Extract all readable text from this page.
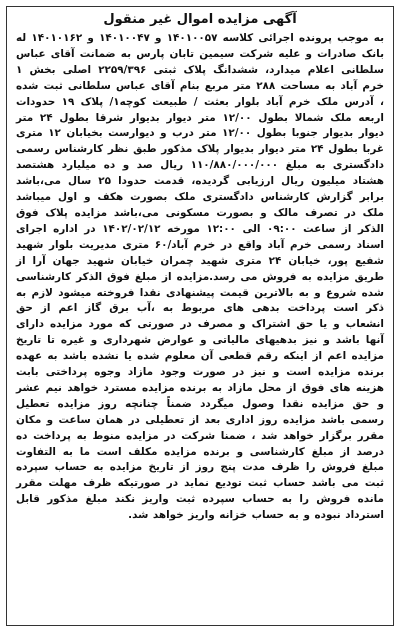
آگهی مزایده اموال غیر منقول

به موجب پرونده اجرائی کلاسه ۱۴۰۱۰۰۵۷ و ۱۴۰۱۰۰۴۷ و ۱۴۰۱۰۱۶۲ له بانک صادرات و علیه شرکت سیمین تابان پارس به ضمانت آقای عباس سلطانی اعلام میدارد، ششدانگ پلاک ثبتی ۲۲۵۹/۳۹۶ اصلی بخش ۱ خرم آباد به مساحت ۲۸۸ متر مربع بنام آقای عباس سلطانی ثبت شده ، آدرس ملک خرم آباد بلوار بعثت / طبیعت کوچه۱/ پلاک ۱۹ حدودات اربعه ملک شمالا بطول ۱۲/۰۰ متر دیوار بدیوار شرقا بطول ۲۴ متر دیوار بدیوار جنوبا بطول ۱۲/۰۰ متر درب و دیوارست بخیابان ۱۲ متری غربا بطول ۲۴ متر دیوار بدیوار پلاک مذکور طبق نظر کارشناس رسمی دادگستری به مبلغ ۱۱۰/۸۸۰/۰۰۰/۰۰۰ ریال صد و ده میلیارد هشتصد هشتاد میلیون ریال ارزیابی گردیده، قدمت حدودا ۲۵ سال می،باشد برابر گزارش کارشناس دادگستری ملک بصورت هکف و اول میباشد ملک در تصرف مالک و بصورت مسکونی می،باشد مزایده پلاک فوق الذکر از ساعت ۰۹:۰۰ الی ۱۲:۰۰ مورخه ۱۴۰۲/۰۲/۱۲ در اداره اجرای اسناد رسمی خرم آباد واقع در خرم آباد/۶۰ متری مدیریت بلوار شهید شفیع پور، خیابان ۲۴ متری شهید چمران خیابان شهید جهان آرا از طریق مزایده به فروش می رسد.مزایده از مبلغ فوق الذکر کارشناسی شده شروع و به بالاترین قیمت پیشنهادی نقدا فروخته میشود لازم به ذکر است پرداخت بدهی های مربوط به ،آب برق گاز اعم از حق انشعاب و یا حق اشتراک و مصرف در صورتی که مورد مزایده دارای آنها باشد و نیز بدهیهای مالیاتی و عوارض شهرداری و غیره تا تاریخ مزایده اعم از اینکه رقم قطعی آن معلوم شده یا نشده باشد به عهده برنده مزایده است و نیز در صورت وجود مازاد وجوه پرداختی بابت هزینه های فوق از محل مازاد به برنده مزایده مسترد خواهد نیم عشر و حق مزایده نقدا وصول میگردد ضمناً چنانچه روز مزایده تعطیل رسمی باشد مزایده روز اداری بعد از تعطیلی در همان ساعت و مکان مقرر برگزار خواهد شد ، ضمنا شرکت در مزایده منوط به پرداخت ده درصد از مبلغ کارشناسی و برنده مزایده مکلف است ما به التفاوت مبلغ فروش را ظرف مدت پنج روز از تاریخ مزایده به حساب سپرده ثبت می باشد حساب ثبت تودیع نماید در صورتیکه ظرف مهلت مقرر مانده فروش را به حساب سپرده ثبت واریز نکند مبلغ مذکور قابل استرداد نبوده و به حساب خزانه واریز خواهد شد.
